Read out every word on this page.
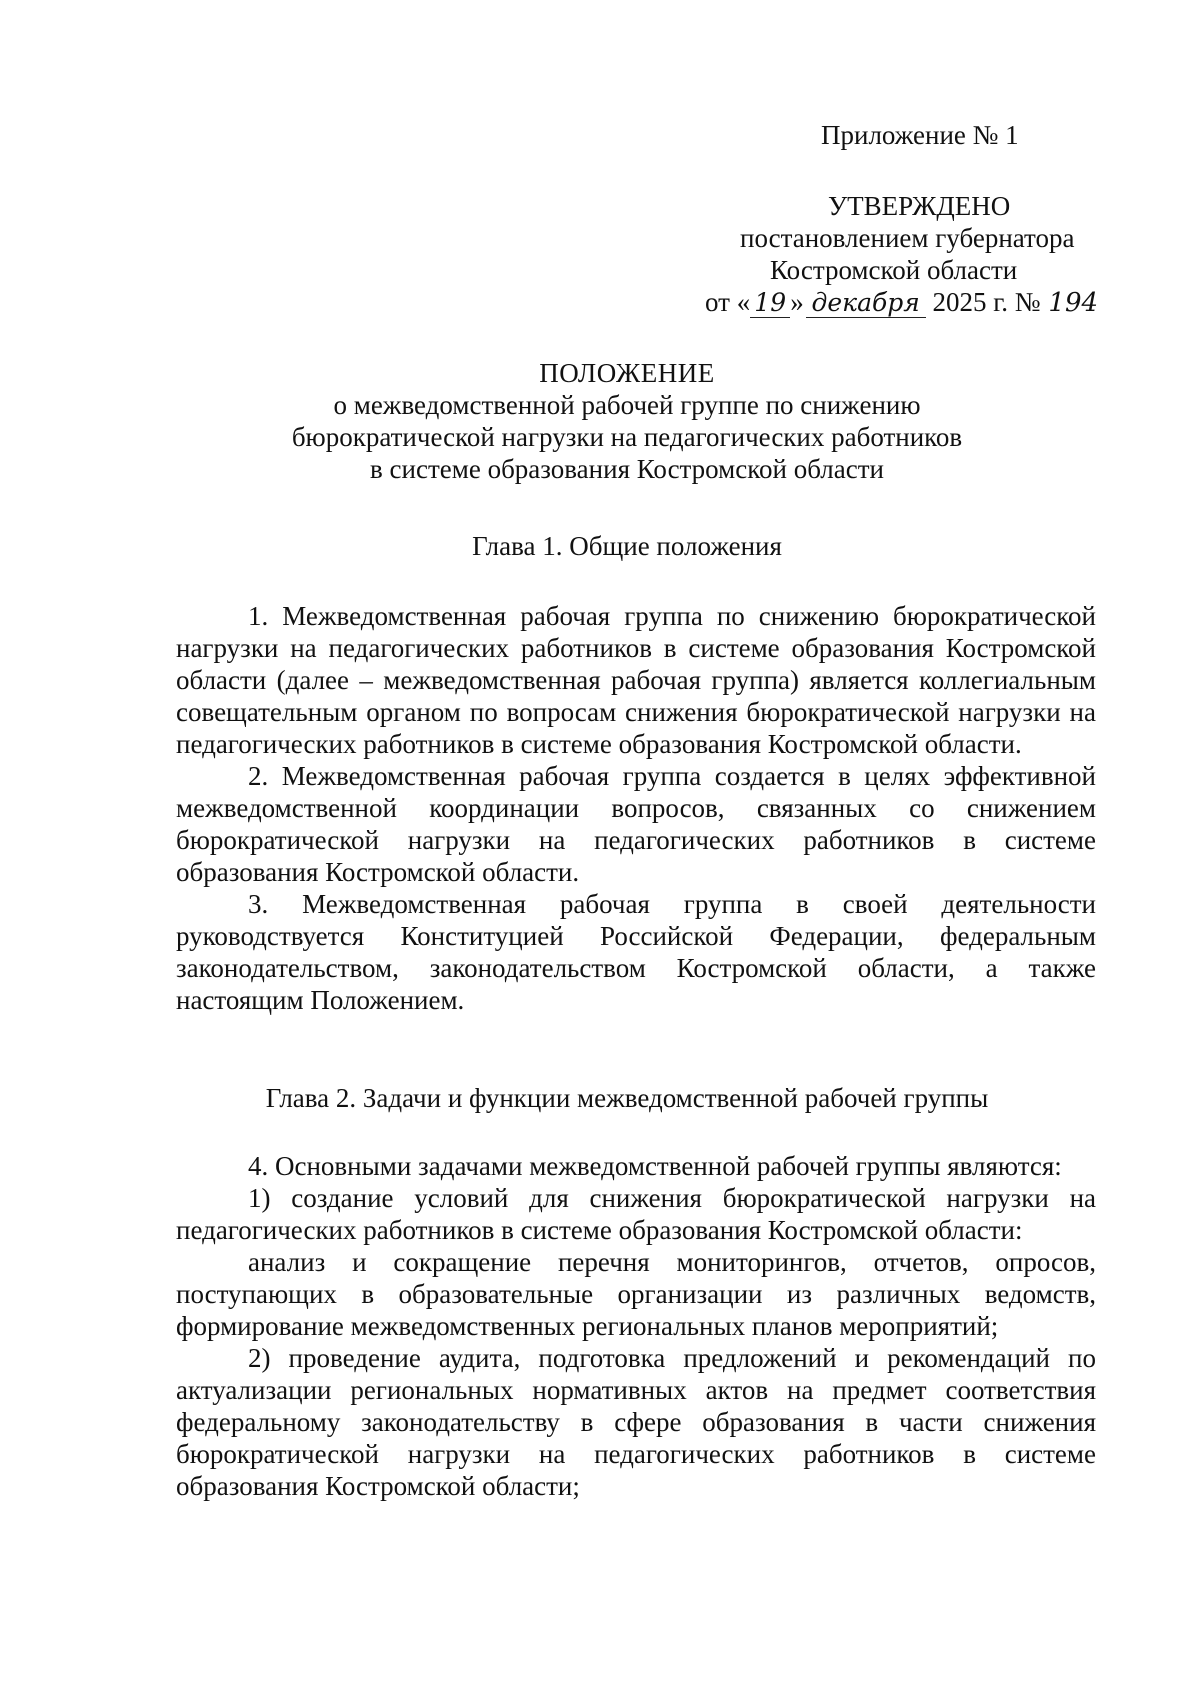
Приложение № 1
УТВЕРЖДЕНО
постановлением губернатора
Костромской области
от « 19 » декабря 2025 г. № 194
ПОЛОЖЕНИЕ
о межведомственной рабочей группе по снижению
бюрократической нагрузки на педагогических работников
в системе образования Костромской области
Глава 1. Общие положения

1. Межведомственная рабочая группа по снижению бюрократической нагрузки на педагогических работников в системе образования Костромской области (далее – межведомственная рабочая группа) является коллегиальным совещательным органом по вопросам снижения бюрократической нагрузки на педагогических работников в системе образования Костромской области.

2. Межведомственная рабочая группа создается в целях эффективной межведомственной координации вопросов, связанных со снижением бюрократической нагрузки на педагогических работников в системе образования Костромской области.

3. Межведомственная рабочая группа в своей деятельности руководствуется Конституцией Российской Федерации, федеральным законодательством, законодательством Костромской области, а также настоящим Положением.

Глава 2. Задачи и функции межведомственной рабочей группы

4. Основными задачами межведомственной рабочей группы являются:

1) создание условий для снижения бюрократической нагрузки на педагогических работников в системе образования Костромской области:

анализ и сокращение перечня мониторингов, отчетов, опросов, поступающих в образовательные организации из различных ведомств, формирование межведомственных региональных планов мероприятий;

2) проведение аудита, подготовка предложений и рекомендаций по актуализации региональных нормативных актов на предмет соответствия федеральному законодательству в сфере образования в части снижения бюрократической нагрузки на педагогических работников в системе образования Костромской области;
